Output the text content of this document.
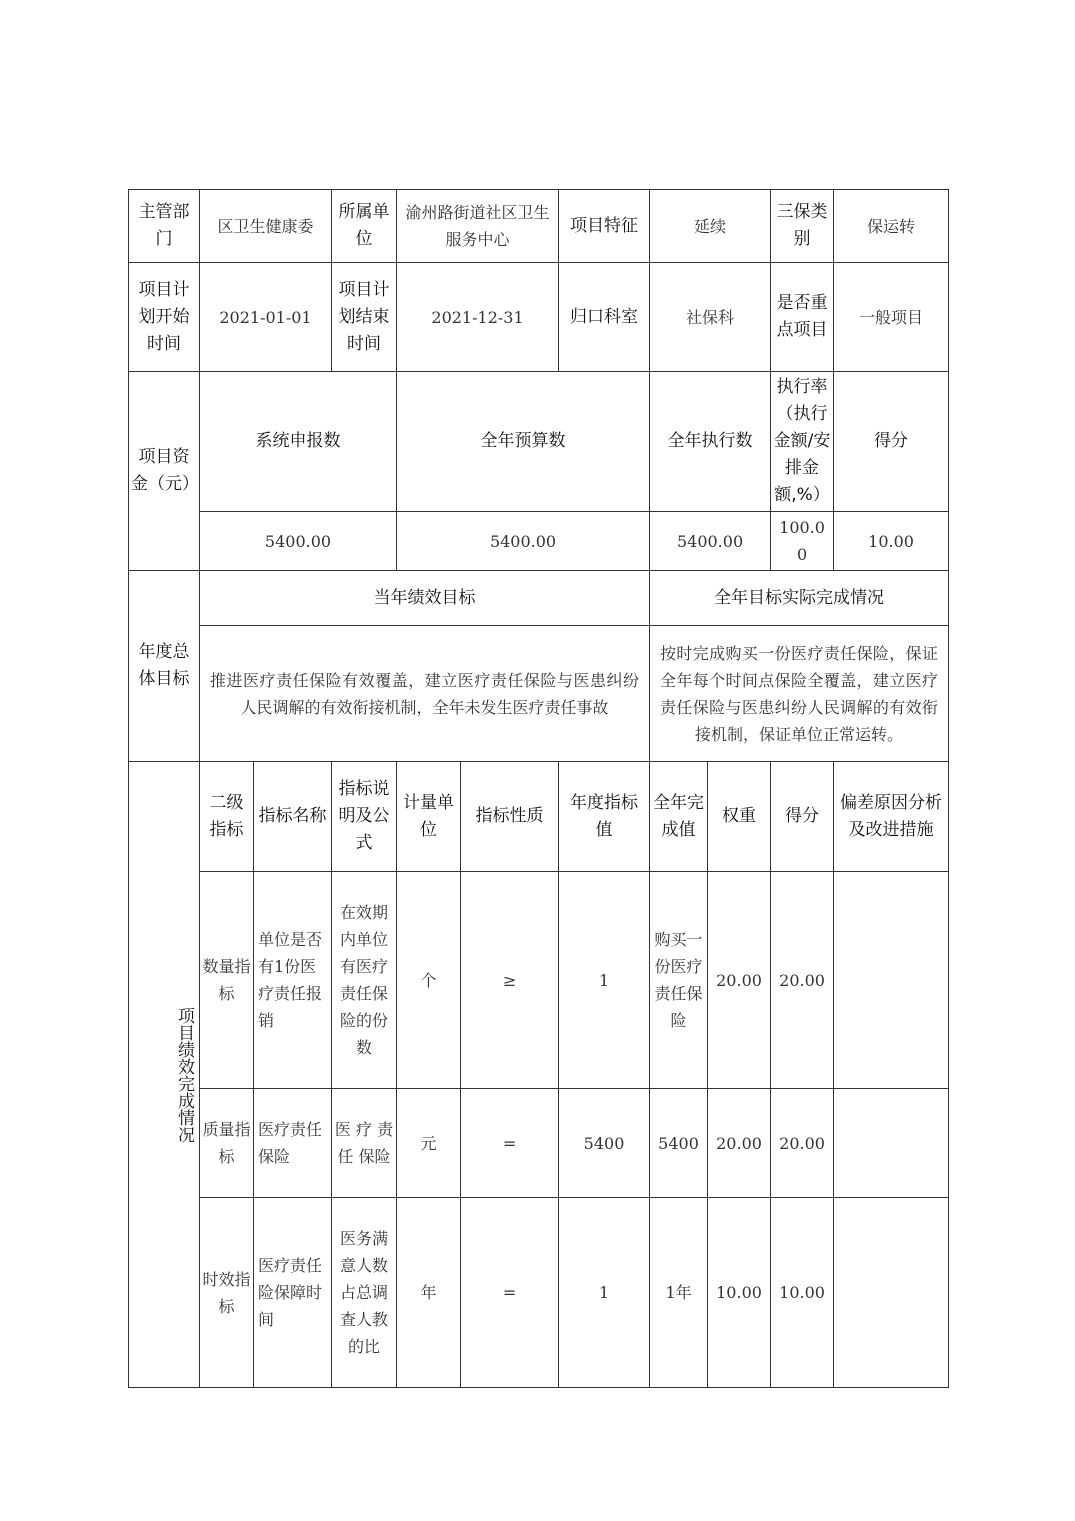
主管部门	区卫生健康委		所属单位	渝州路街道社区卫生服务中心		项目特征	延续		三保类别	保运转
项目计划开始时间	2021-01-01		项目计划结束时间	2021-12-31		归口科室	社保科		是否重点项目	一般项目
项目资金（元）	系统申报数			全年预算数			全年执行数		执行率（执行金额/安排金额,%）	得分
	5400.00			5400.00			5400.00		100.00	10.00
年度总体目标	当年绩效目标						全年目标实际完成情况			
	推进医疗责任保险有效覆盖，建立医疗责任保险与医患纠纷人民调解的有效衔接机制，全年未发生医疗责任事故						按时完成购买一份医疗责任保险，保证全年每个时间点保险全覆盖，建立医疗责任保险与医患纠纷人民调解的有效衔接机制，保证单位正常运转。			
项目绩效完成情况	二级指标	指标名称	指标说明及公式	计量单位	指标性质	年度指标值	全年完成值	权重	得分	偏差原因分析及改进措施
	数量指标	单位是否有1份医疗责任报销	在效期内单位有医疗责任保险的份数	个	≥	1	购买一份医疗责任保险	20.00	20.00	
	质量指标	医疗责任保险	医 疗 责 任 保险	元	=	5400	5400	20.00	20.00	
	时效指标	医疗责任险保障时间	医务满意人数占总调查人教的比	年	=	1	1年	10.00	10.00	
